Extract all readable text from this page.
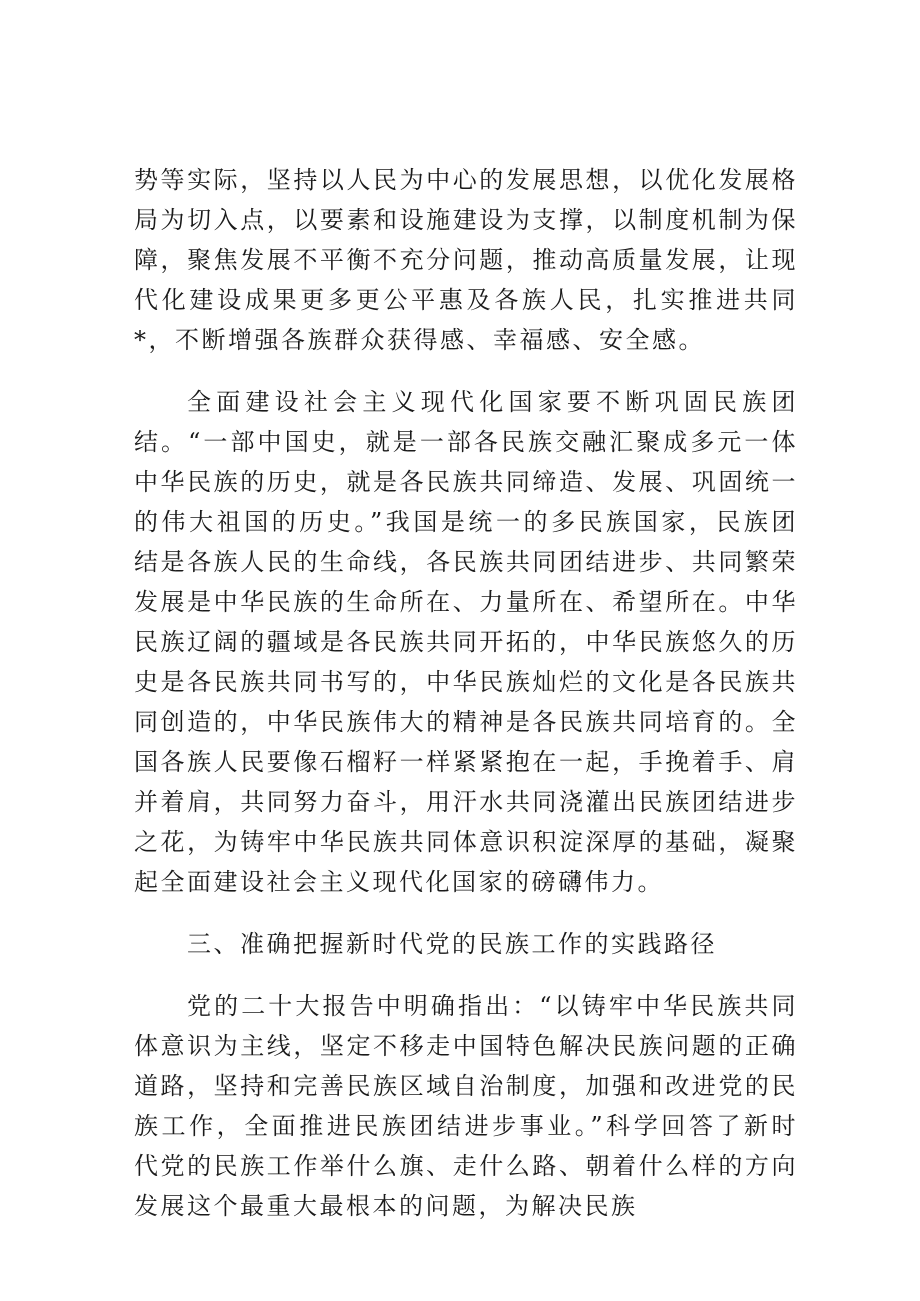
势等实际，坚持以人民为中心的发展思想，以优化发展格局为切入点，以要素和设施建设为支撑，以制度机制为保障，聚焦发展不平衡不充分问题，推动高质量发展，让现代化建设成果更多更公平惠及各族人民，扎实推进共同*，不断增强各族群众获得感、幸福感、安全感。

全面建设社会主义现代化国家要不断巩固民族团结。“一部中国史，就是一部各民族交融汇聚成多元一体中华民族的历史，就是各民族共同缔造、发展、巩固统一的伟大祖国的历史。”我国是统一的多民族国家，民族团结是各族人民的生命线，各民族共同团结进步、共同繁荣发展是中华民族的生命所在、力量所在、希望所在。中华民族辽阔的疆域是各民族共同开拓的，中华民族悠久的历史是各民族共同书写的，中华民族灿烂的文化是各民族共同创造的，中华民族伟大的精神是各民族共同培育的。全国各族人民要像石榴籽一样紧紧抱在一起，手挽着手、肩并着肩，共同努力奋斗，用汗水共同浇灌出民族团结进步之花，为铸牢中华民族共同体意识积淀深厚的基础，凝聚起全面建设社会主义现代化国家的磅礴伟力。

三、准确把握新时代党的民族工作的实践路径

党的二十大报告中明确指出：“以铸牢中华民族共同体意识为主线，坚定不移走中国特色解决民族问题的正确道路，坚持和完善民族区域自治制度，加强和改进党的民族工作，全面推进民族团结进步事业。”科学回答了新时代党的民族工作举什么旗、走什么路、朝着什么样的方向发展这个最重大最根本的问题，为解决民族
